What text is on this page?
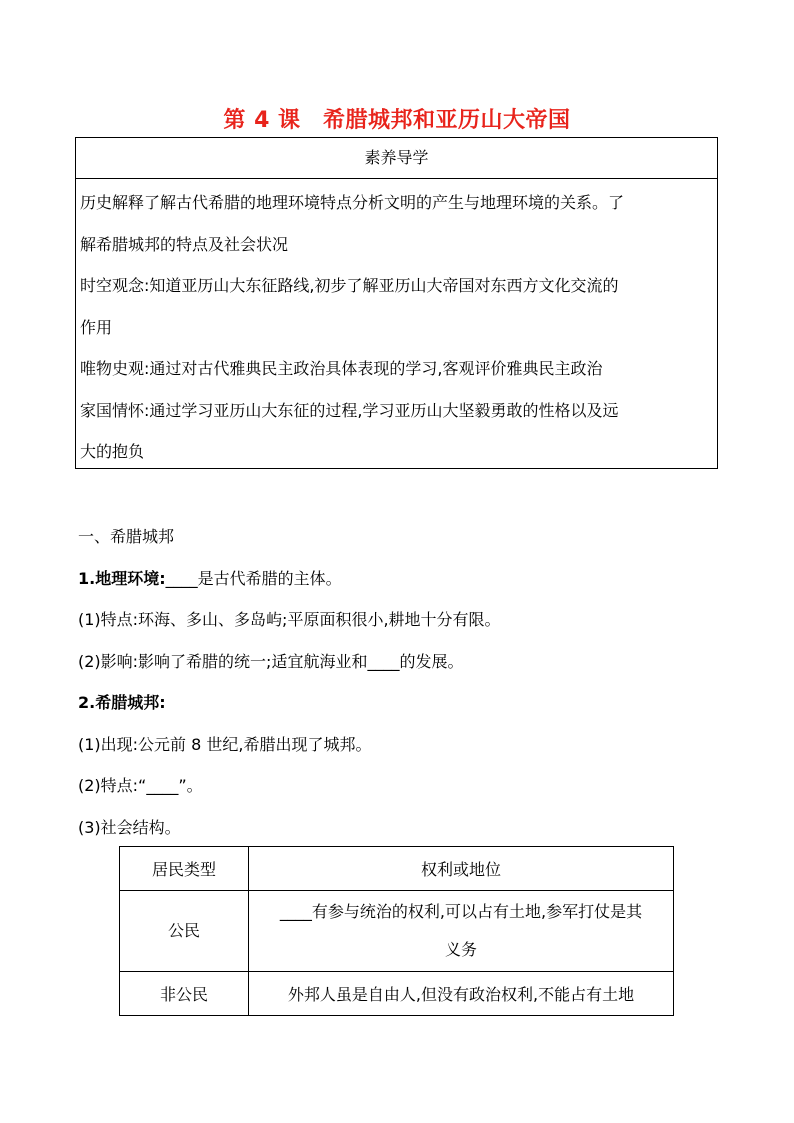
第 4 课　希腊城邦和亚历山大帝国
素养导学

历史解释了解古代希腊的地理环境特点分析文明的产生与地理环境的关系。了

解希腊城邦的特点及社会状况

时空观念:知道亚历山大东征路线,初步了解亚历山大帝国对东西方文化交流的

作用

唯物史观:通过对古代雅典民主政治具体表现的学习,客观评价雅典民主政治

家国情怀:通过学习亚历山大东征的过程,学习亚历山大坚毅勇敢的性格以及远

大的抱负

一、希腊城邦
1.地理环境:____是古代希腊的主体。
(1)特点:环海、多山、多岛屿;平原面积很小,耕地十分有限。
(2)影响:影响了希腊的统一;适宜航海业和____的发展。
2.希腊城邦:
(1)出现:公元前 8 世纪,希腊出现了城邦。
(2)特点:“____”。
(3)社会结构。
居民类型	权利或地位
公民	____有参与统治的权利,可以占有土地,参军打仗是其
义务

非公民	外邦人虽是自由人,但没有政治权利,不能占有土地
